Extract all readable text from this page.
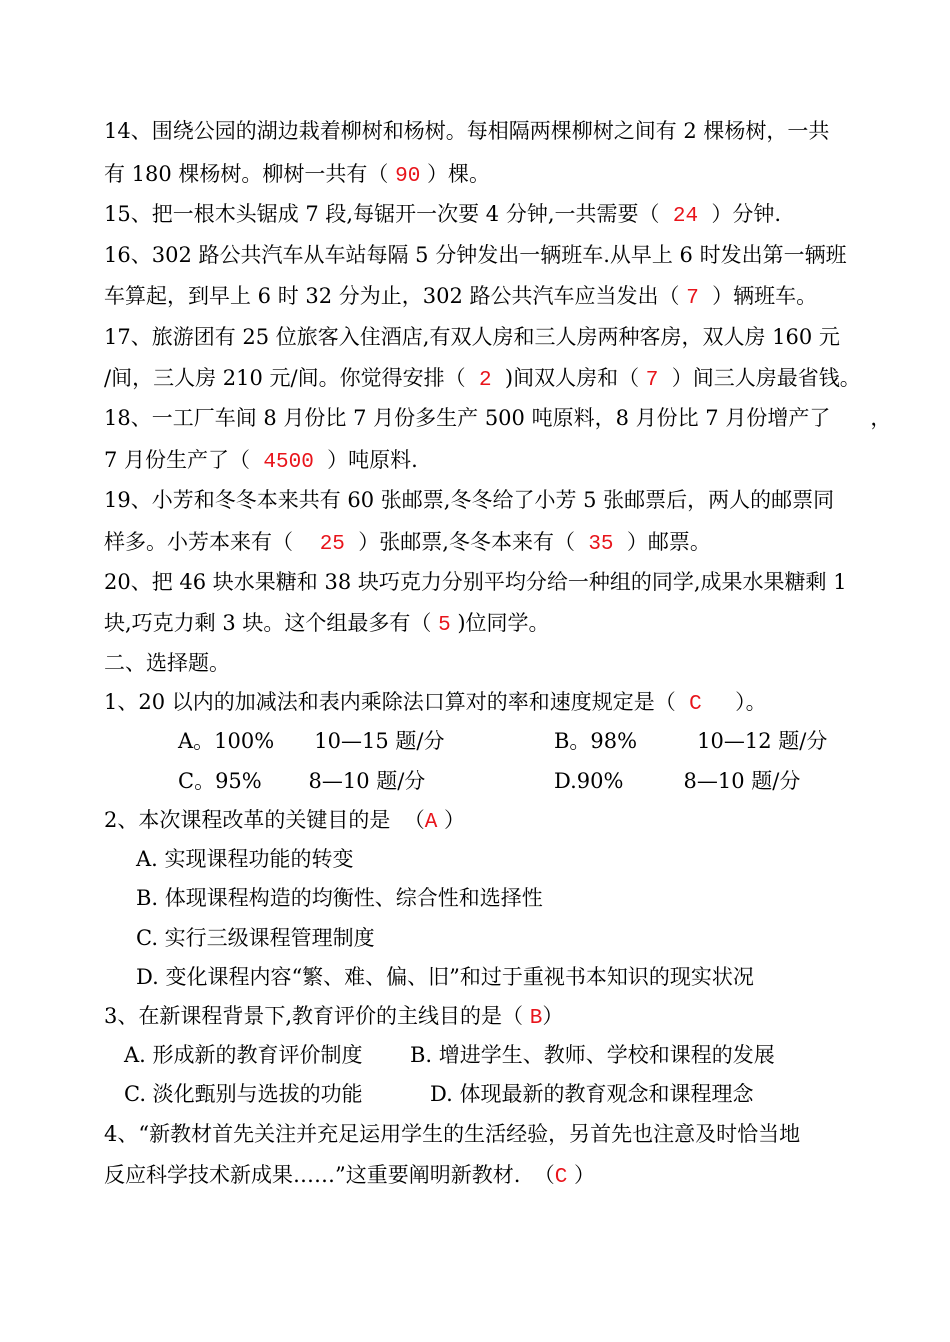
14、围绕公园的湖边栽着柳树和杨树。每相隔两棵柳树之间有 2 棵杨树，一共
有 180 棵杨树。柳树一共有（ 90 ）棵。
15、把一根木头锯成 7 段,每锯开一次要 4 分钟,一共需要（  24  ）分钟.
16、302 路公共汽车从车站每隔 5 分钟发出一辆班车.从早上 6 时发出第一辆班
车算起，到早上 6 时 32 分为止，302 路公共汽车应当发出（ 7  ）辆班车。
17、旅游团有 25 位旅客入住酒店,有双人房和三人房两种客房，双人房 160 元
/间，三人房 210 元/间。你觉得安排（  2  )间双人房和（ 7  ）间三人房最省钱。
18、一工厂车间 8 月份比 7 月份多生产 500 吨原料，8 月份比 7 月份增产了      ，
7 月份生产了（  4500  ）吨原料.
19、小芳和冬冬本来共有 60 张邮票,冬冬给了小芳 5 张邮票后，两人的邮票同
样多。小芳本来有（    25  ）张邮票,冬冬本来有（  35  ）邮票。
20、把 46 块水果糖和 38 块巧克力分别平均分给一种组的同学,成果水果糖剩 1
块,巧克力剩 3 块。这个组最多有（ 5 )位同学。
二、选择题。
1、20 以内的加减法和表内乘除法口算对的率和速度规定是（  C     ）。
A。100%      10—15 题/分	B。98%         10—12 题/分
C。95%       8—10 题/分	D.90%         8—10 题/分
2、本次课程改革的关键目的是  （A ）
A. 实现课程功能的转变
B. 体现课程构造的均衡性、综合性和选择性
C. 实行三级课程管理制度
D. 变化课程内容“繁、难、偏、旧”和过于重视书本知识的现实状况
3、在新课程背景下,教育评价的主线目的是（ B）
A. 形成新的教育评价制度 B. 增进学生、教师、学校和课程的发展
C. 淡化甄别与选拔的功能	D. 体现最新的教育观念和课程理念
4、“新教材首先关注并充足运用学生的生活经验，另首先也注意及时恰当地
反应科学技术新成果……”这重要阐明新教材.  （C ）
